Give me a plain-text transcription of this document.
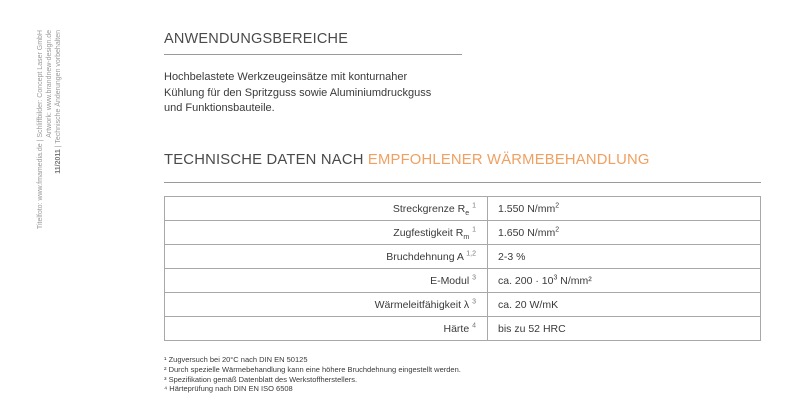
Titelfoto: www.fmamedia.de | Schliffbilder: Concept Laser GmbH Artwork: www.brandnew-design.de
11/2011 | Technische Änderungen vorbehalten	ANWENDUNGSBEREICHE
Hochbelastete Werkzeugeinsätze mit konturnaher
Kühlung für den Spritzguss sowie Aluminiumdruckguss
und Funktionsbauteile.
TECHNISCHE DATEN NACH EMPFOHLENER WÄRMEBEHANDLUNG
Streckgrenze $R_e$ $^1$	1.550 $N/mm^2$
Zugfestigkeit $R_m$ $^1$	1.650 $N/mm^2$
Bruchdehnung A $^{1,2}$	2-3 %
E-Modul $^3$	ca. $200 \cdot 10^3$ N/mm²
Wärmeleitfähigkeit λ $^3$	ca. 20 W/mK
Härte $^4$	bis zu 52 HRC
¹ Zugversuch bei 20°C nach DIN EN 50125
² Durch spezielle Wärmebehandlung kann eine höhere Bruchdehnung eingestellt werden.
³ Spezifikation gemäß Datenblatt des Werkstoffherstellers.
⁴ Härteprüfung nach DIN EN ISO 6508
